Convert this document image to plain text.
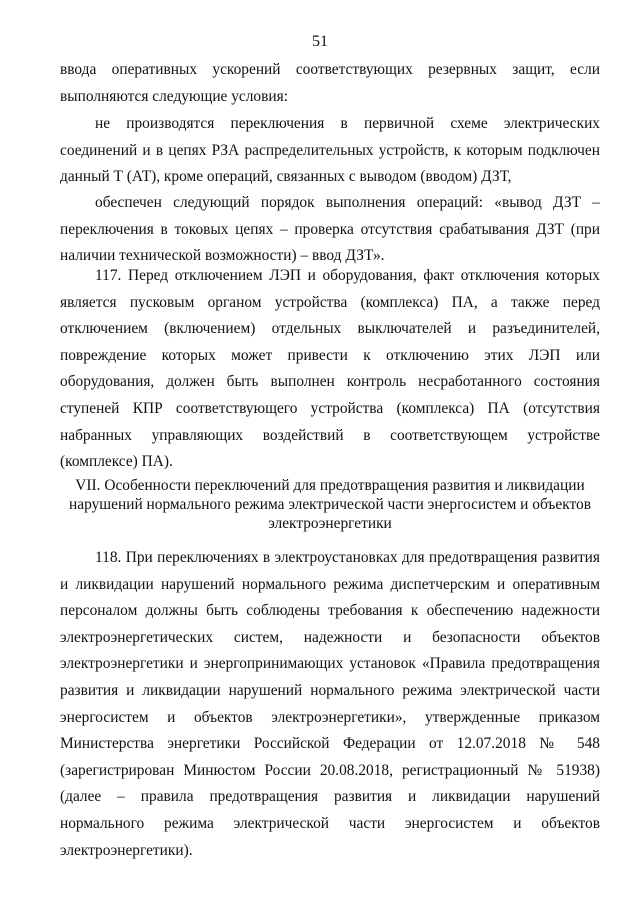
51

ввода оперативных ускорений соответствующих резервных защит, если выполняются следующие условия:

не производятся переключения в первичной схеме электрических соединений и в цепях РЗА распределительных устройств, к которым подключен данный Т (АТ), кроме операций, связанных с выводом (вводом) ДЗТ,

обеспечен следующий порядок выполнения операций: «вывод ДЗТ – переключения в токовых цепях – проверка отсутствия срабатывания ДЗТ (при наличии технической возможности) – ввод ДЗТ».

117. Перед отключением ЛЭП и оборудования, факт отключения которых является пусковым органом устройства (комплекса) ПА, а также перед отключением (включением) отдельных выключателей и разъединителей, повреждение которых может привести к отключению этих ЛЭП или оборудования, должен быть выполнен контроль несработанного состояния ступеней КПР соответствующего устройства (комплекса) ПА (отсутствия набранных управляющих воздействий в соответствующем устройстве (комплексе) ПА).

VII. Особенности переключений для предотвращения развития и ликвидации
нарушений нормального режима электрической части энергосистем и объектов
электроэнергетики

118. При переключениях в электроустановках для предотвращения развития и ликвидации нарушений нормального режима диспетчерским и оперативным персоналом должны быть соблюдены требования к обеспечению надежности электроэнергетических систем, надежности и безопасности объектов электроэнергетики и энергопринимающих установок «Правила предотвращения развития и ликвидации нарушений нормального режима электрической части энергосистем и объектов электроэнергетики», утвержденные приказом Министерства энергетики Российской Федерации от 12.07.2018 № 548 (зарегистрирован Минюстом России 20.08.2018, регистрационный № 51938) (далее – правила предотвращения развития и ликвидации нарушений нормального режима электрической части энергосистем и объектов электроэнергетики).
